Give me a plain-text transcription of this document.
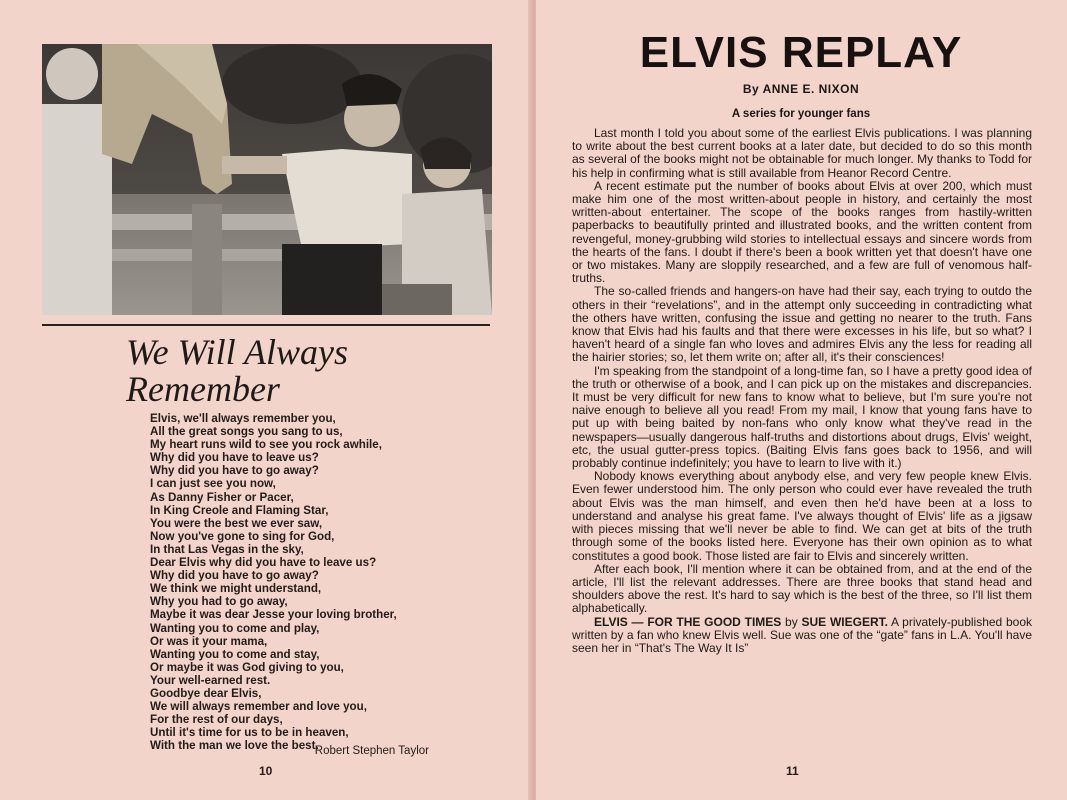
We Will Always
Remember
Elvis, we'll always remember you,
All the great songs you sang to us,
My heart runs wild to see you rock awhile,
Why did you have to leave us?
Why did you have to go away?
I can just see you now,
As Danny Fisher or Pacer,
In King Creole and Flaming Star,
You were the best we ever saw,
Now you've gone to sing for God,
In that Las Vegas in the sky,
Dear Elvis why did you have to leave us?
Why did you have to go away?
We think we might understand,
Why you had to go away,
Maybe it was dear Jesse your loving brother,
Wanting you to come and play,
Or was it your mama,
Wanting you to come and stay,
Or maybe it was God giving to you,
Your well-earned rest.
Goodbye dear Elvis,
We will always remember and love you,
For the rest of our days,
Until it's time for us to be in heaven,
With the man we love the best.
Robert Stephen Taylor
10
ELVIS REPLAY
By ANNE E. NIXON
A series for younger fans

Last month I told you about some of the earliest Elvis publications. I was planning to write about the best current books at a later date, but decided to do so this month as several of the books might not be obtainable for much longer. My thanks to Todd for his help in confirming what is still available from Heanor Record Centre.

A recent estimate put the number of books about Elvis at over 200, which must make him one of the most written-about people in history, and certainly the most written-about entertainer. The scope of the books ranges from hastily-written paperbacks to beautifully printed and illustrated books, and the written content from revengeful, money-grubbing wild stories to intellectual essays and sincere words from the hearts of the fans. I doubt if there's been a book written yet that doesn't have one or two mistakes. Many are sloppily researched, and a few are full of venomous half-truths.

The so-called friends and hangers-on have had their say, each trying to outdo the others in their “revelations”, and in the attempt only succeeding in contradicting what the others have written, confusing the issue and getting no nearer to the truth. Fans know that Elvis had his faults and that there were excesses in his life, but so what? I haven't heard of a single fan who loves and admires Elvis any the less for reading all the hairier stories; so, let them write on; after all, it's their consciences!

I'm speaking from the standpoint of a long-time fan, so I have a pretty good idea of the truth or otherwise of a book, and I can pick up on the mistakes and discrepancies. It must be very difficult for new fans to know what to believe, but I'm sure you're not naive enough to believe all you read! From my mail, I know that young fans have to put up with being baited by non-fans who only know what they've read in the newspapers—usually dangerous half-truths and distortions about drugs, Elvis' weight, etc, the usual gutter-press topics. (Baiting Elvis fans goes back to 1956, and will probably continue indefinitely; you have to learn to live with it.)

Nobody knows everything about anybody else, and very few people knew Elvis. Even fewer understood him. The only person who could ever have revealed the truth about Elvis was the man himself, and even then he'd have been at a loss to understand and analyse his great fame. I've always thought of Elvis' life as a jigsaw with pieces missing that we'll never be able to find. We can get at bits of the truth through some of the books listed here. Everyone has their own opinion as to what constitutes a good book. Those listed are fair to Elvis and sincerely written.

After each book, I'll mention where it can be obtained from, and at the end of the article, I'll list the relevant addresses. There are three books that stand head and shoulders above the rest. It's hard to say which is the best of the three, so I'll list them alphabetically.

ELVIS — FOR THE GOOD TIMES by SUE WIEGERT. A privately-published book written by a fan who knew Elvis well. Sue was one of the “gate” fans in L.A. You'll have seen her in “That's The Way It Is”

11
